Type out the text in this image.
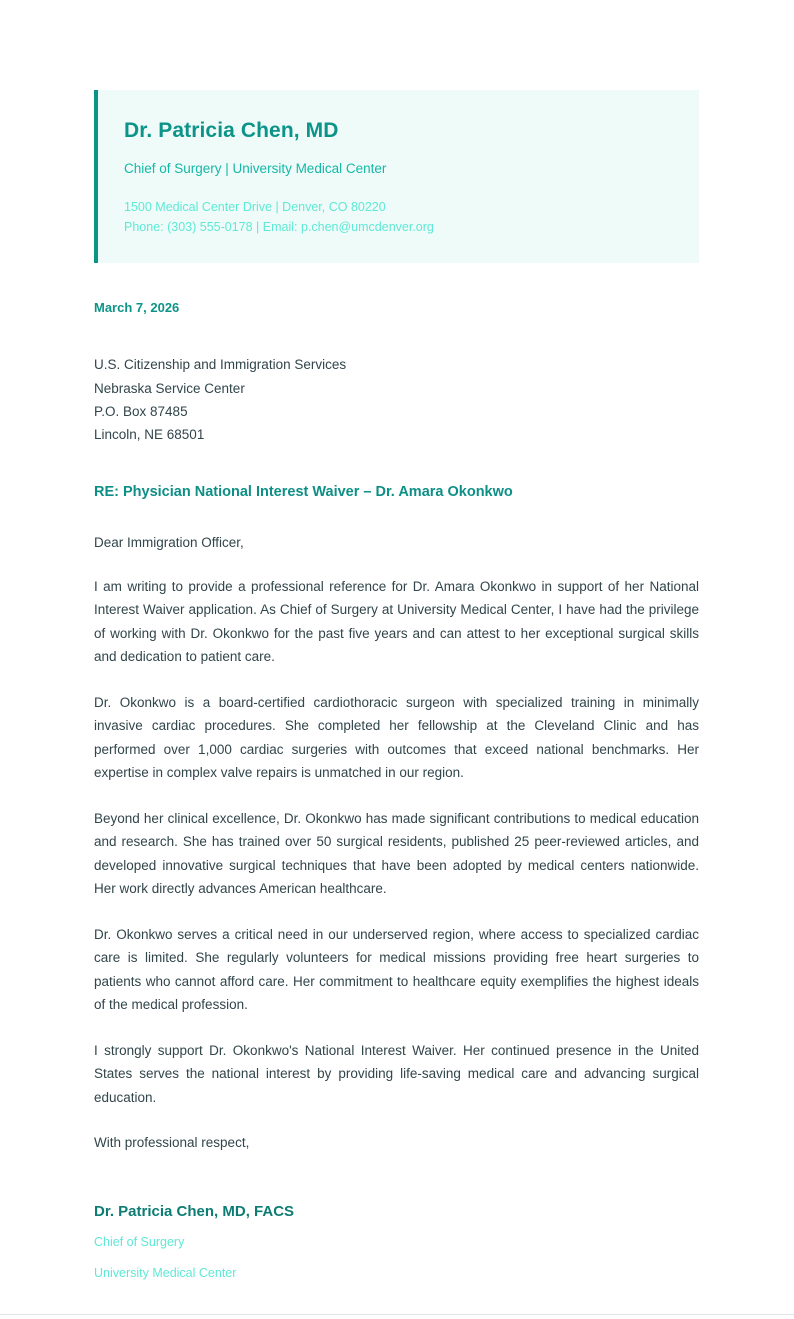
Dr. Patricia Chen, MD
Chief of Surgery | University Medical Center
1500 Medical Center Drive | Denver, CO 80220
Phone: (303) 555-0178 | Email: p.chen@umcdenver.org
March 7, 2026
U.S. Citizenship and Immigration Services
Nebraska Service Center
P.O. Box 87485
Lincoln, NE 68501
RE: Physician National Interest Waiver – Dr. Amara Okonkwo
Dear Immigration Officer,
I am writing to provide a professional reference for Dr. Amara Okonkwo in support of her National Interest Waiver application. As Chief of Surgery at University Medical Center, I have had the privilege of working with Dr. Okonkwo for the past five years and can attest to her exceptional surgical skills and dedication to patient care.
Dr. Okonkwo is a board-certified cardiothoracic surgeon with specialized training in minimally invasive cardiac procedures. She completed her fellowship at the Cleveland Clinic and has performed over 1,000 cardiac surgeries with outcomes that exceed national benchmarks. Her expertise in complex valve repairs is unmatched in our region.
Beyond her clinical excellence, Dr. Okonkwo has made significant contributions to medical education and research. She has trained over 50 surgical residents, published 25 peer-reviewed articles, and developed innovative surgical techniques that have been adopted by medical centers nationwide. Her work directly advances American healthcare.
Dr. Okonkwo serves a critical need in our underserved region, where access to specialized cardiac care is limited. She regularly volunteers for medical missions providing free heart surgeries to patients who cannot afford care. Her commitment to healthcare equity exemplifies the highest ideals of the medical profession.
I strongly support Dr. Okonkwo's National Interest Waiver. Her continued presence in the United States serves the national interest by providing life-saving medical care and advancing surgical education.
With professional respect,
Dr. Patricia Chen, MD, FACS
Chief of Surgery
University Medical Center
